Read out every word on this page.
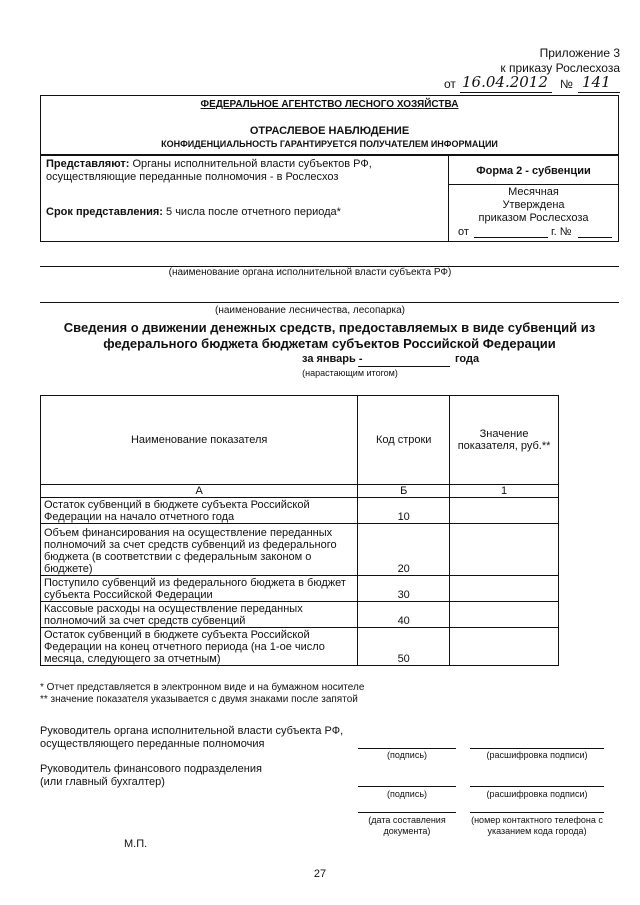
Приложение 3
к приказу Рослесхоза
от 16.04.2012 № 141
ФЕДЕРАЛЬНОЕ АГЕНТСТВО ЛЕСНОГО ХОЗЯЙСТВА
ОТРАСЛЕВОЕ НАБЛЮДЕНИЕ
КОНФИДЕНЦИАЛЬНОСТЬ ГАРАНТИРУЕТСЯ ПОЛУЧАТЕЛЕМ ИНФОРМАЦИИ
Представляют: Органы исполнительной власти субъектов РФ,
осуществляющие переданные полномочия - в Рослесхоз
Срок представления: 5 числа после отчетного периода*
Форма 2 - субвенции
Месячная
Утверждена
приказом Рослесхоза
от	г. №
(наименование органа исполнительной власти субъекта РФ)
(наименование лесничества, лесопарка)
Сведения о движении денежных средств, предоставляемых в виде субвенций из
федерального бюджета бюджетам субъектов Российской Федерации
за январь -	года
(нарастающим итогом)
Наименование показателя	Код строки	Значение показателя, руб.**
А	Б	1
Остаток субвенций в бюджете субъекта Российской Федерации на начало отчетного года	10	
Объем финансирования на осуществление переданных полномочий за счет средств субвенций из федерального бюджета (в соответствии с федеральным законом о бюджете)	20	
Поступило субвенций из федерального бюджета в бюджет субъекта Российской Федерации	30	
Кассовые расходы на осуществление переданных полномочий за счет средств субвенций	40	
Остаток субвенций в бюджете субъекта Российской Федерации на конец отчетного периода (на 1-ое число месяца, следующего за отчетным)	50	
* Отчет представляется в электронном виде и на бумажном носителе
** значение показателя указывается с двумя знаками после запятой
Руководитель органа исполнительной власти субъекта РФ,
осуществляющего переданные полномочия
(подпись)	(расшифровка подписи)
Руководитель финансового подразделения
(или главный бухгалтер)
(подпись)	(расшифровка подписи)
(дата составления
документа)
(номер контактного телефона с
указанием кода города)
М.П.
27
